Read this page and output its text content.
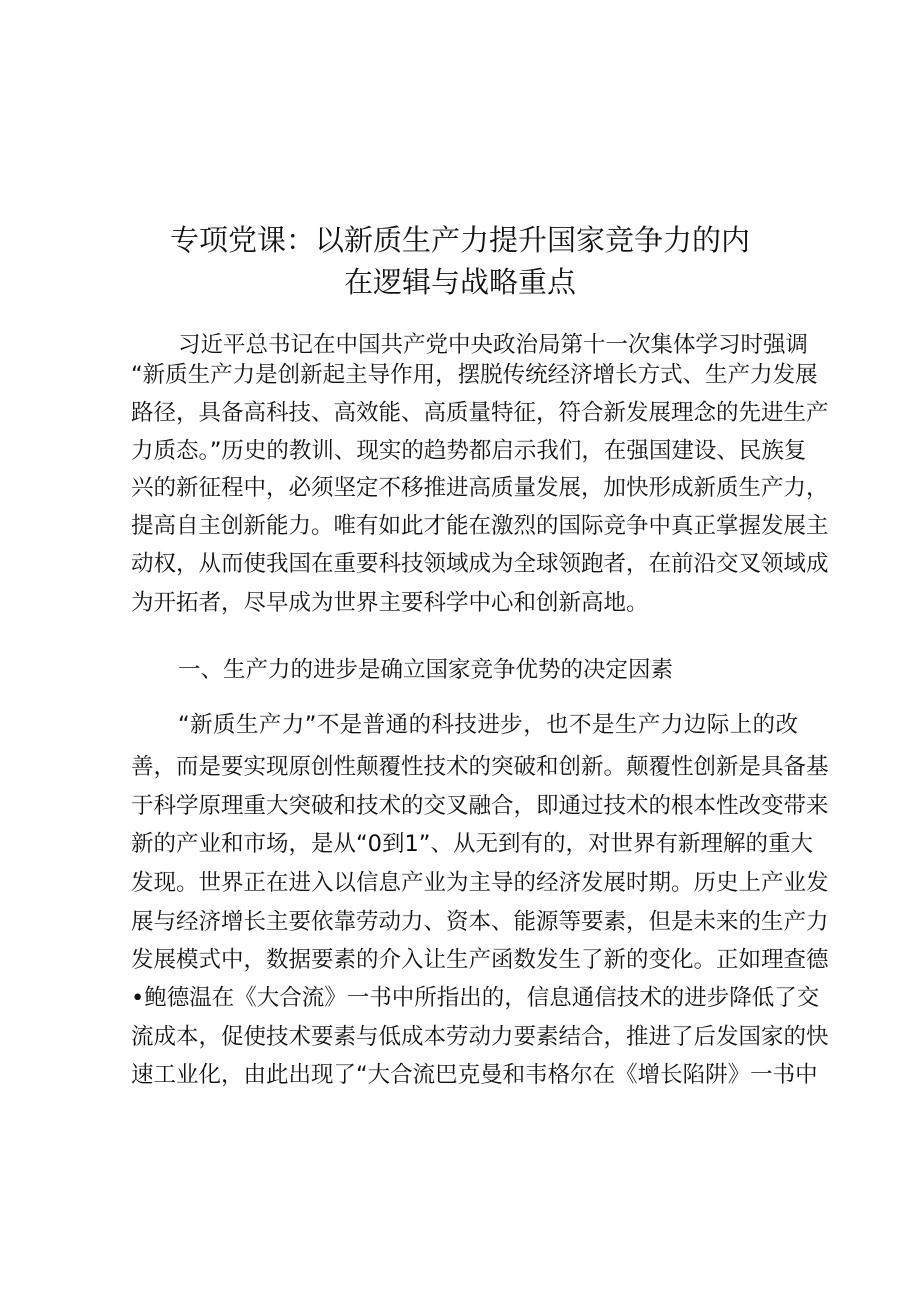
专项党课：以新质生产力提升国家竞争力的内
在逻辑与战略重点
习近平总书记在中国共产党中央政治局第十一次集体学习时强调
“新质生产力是创新起主导作用，摆脱传统经济增长方式、生产力发展
路径，具备高科技、高效能、高质量特征，符合新发展理念的先进生产
力质态。”历史的教训、现实的趋势都启示我们，在强国建设、民族复
兴的新征程中，必须坚定不移推进高质量发展，加快形成新质生产力，
提高自主创新能力。唯有如此才能在激烈的国际竞争中真正掌握发展主
动权，从而使我国在重要科技领域成为全球领跑者，在前沿交叉领域成
为开拓者，尽早成为世界主要科学中心和创新高地。
一、生产力的进步是确立国家竞争优势的决定因素
“新质生产力”不是普通的科技进步，也不是生产力边际上的改
善，而是要实现原创性颠覆性技术的突破和创新。颠覆性创新是具备基
于科学原理重大突破和技术的交叉融合，即通过技术的根本性改变带来
新的产业和市场，是从“0到1”、从无到有的，对世界有新理解的重大
发现。世界正在进入以信息产业为主导的经济发展时期。历史上产业发
展与经济增长主要依靠劳动力、资本、能源等要素，但是未来的生产力
发展模式中，数据要素的介入让生产函数发生了新的变化。正如理查德
•鲍德温在《大合流》一书中所指出的，信息通信技术的进步降低了交
流成本，促使技术要素与低成本劳动力要素结合，推进了后发国家的快
速工业化，由此出现了“大合流巴克曼和韦格尔在《增长陷阱》一书中
